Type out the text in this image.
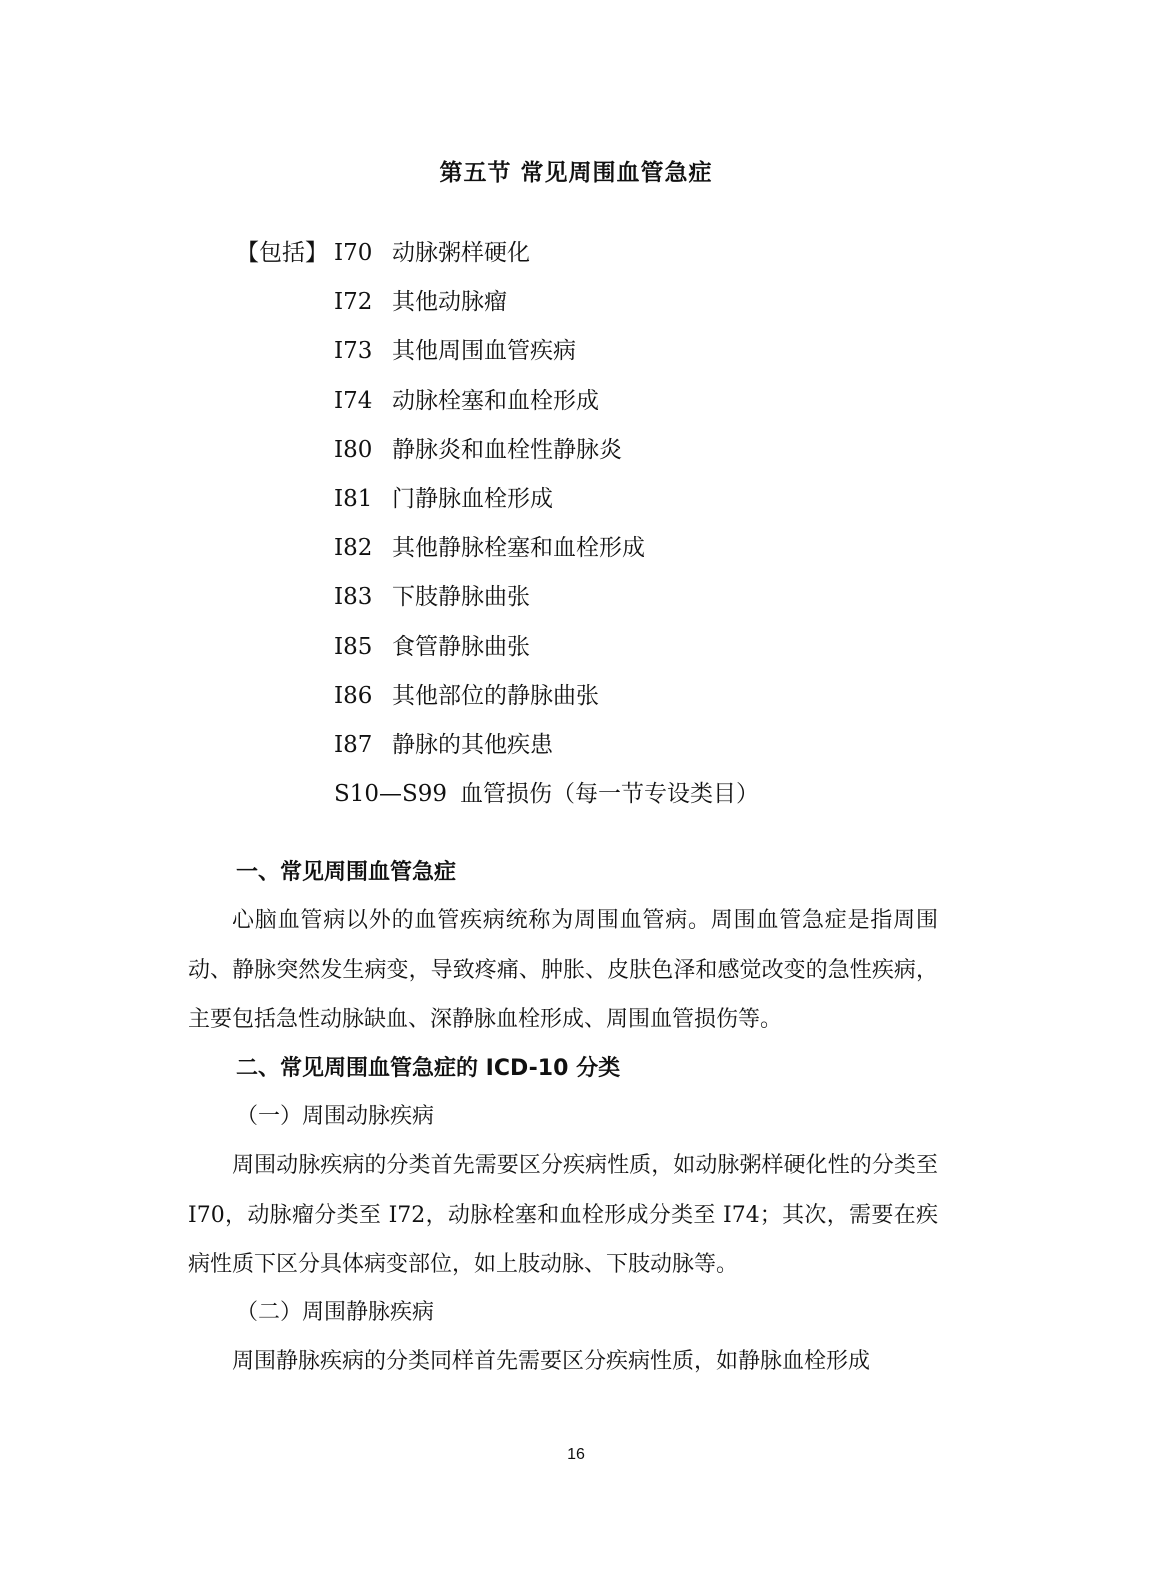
第五节 常见周围血管急症
【包括】 I70 动脉粥样硬化
I72 其他动脉瘤
I73 其他周围血管疾病
I74 动脉栓塞和血栓形成
I80 静脉炎和血栓性静脉炎
I81 门静脉血栓形成
I82 其他静脉栓塞和血栓形成
I83 下肢静脉曲张
I85 食管静脉曲张
I86 其他部位的静脉曲张
I87 静脉的其他疾患
S10—S99 血管损伤（每一节专设类目）
一、常见周围血管急症

心脑血管病以外的血管疾病统称为周围血管病。周围血管急症是指周围动、静脉突然发生病变，导致疼痛、肿胀、皮肤色泽和感觉改变的急性疾病，主要包括急性动脉缺血、深静脉血栓形成、周围血管损伤等。

二、常见周围血管急症的 ICD-10 分类
（一）周围动脉疾病

周围动脉疾病的分类首先需要区分疾病性质，如动脉粥样硬化性的分类至 I70，动脉瘤分类至 I72，动脉栓塞和血栓形成分类至 I74；其次，需要在疾病性质下区分具体病变部位，如上肢动脉、下肢动脉等。

（二）周围静脉疾病

周围静脉疾病的分类同样首先需要区分疾病性质，如静脉血栓形成

16
